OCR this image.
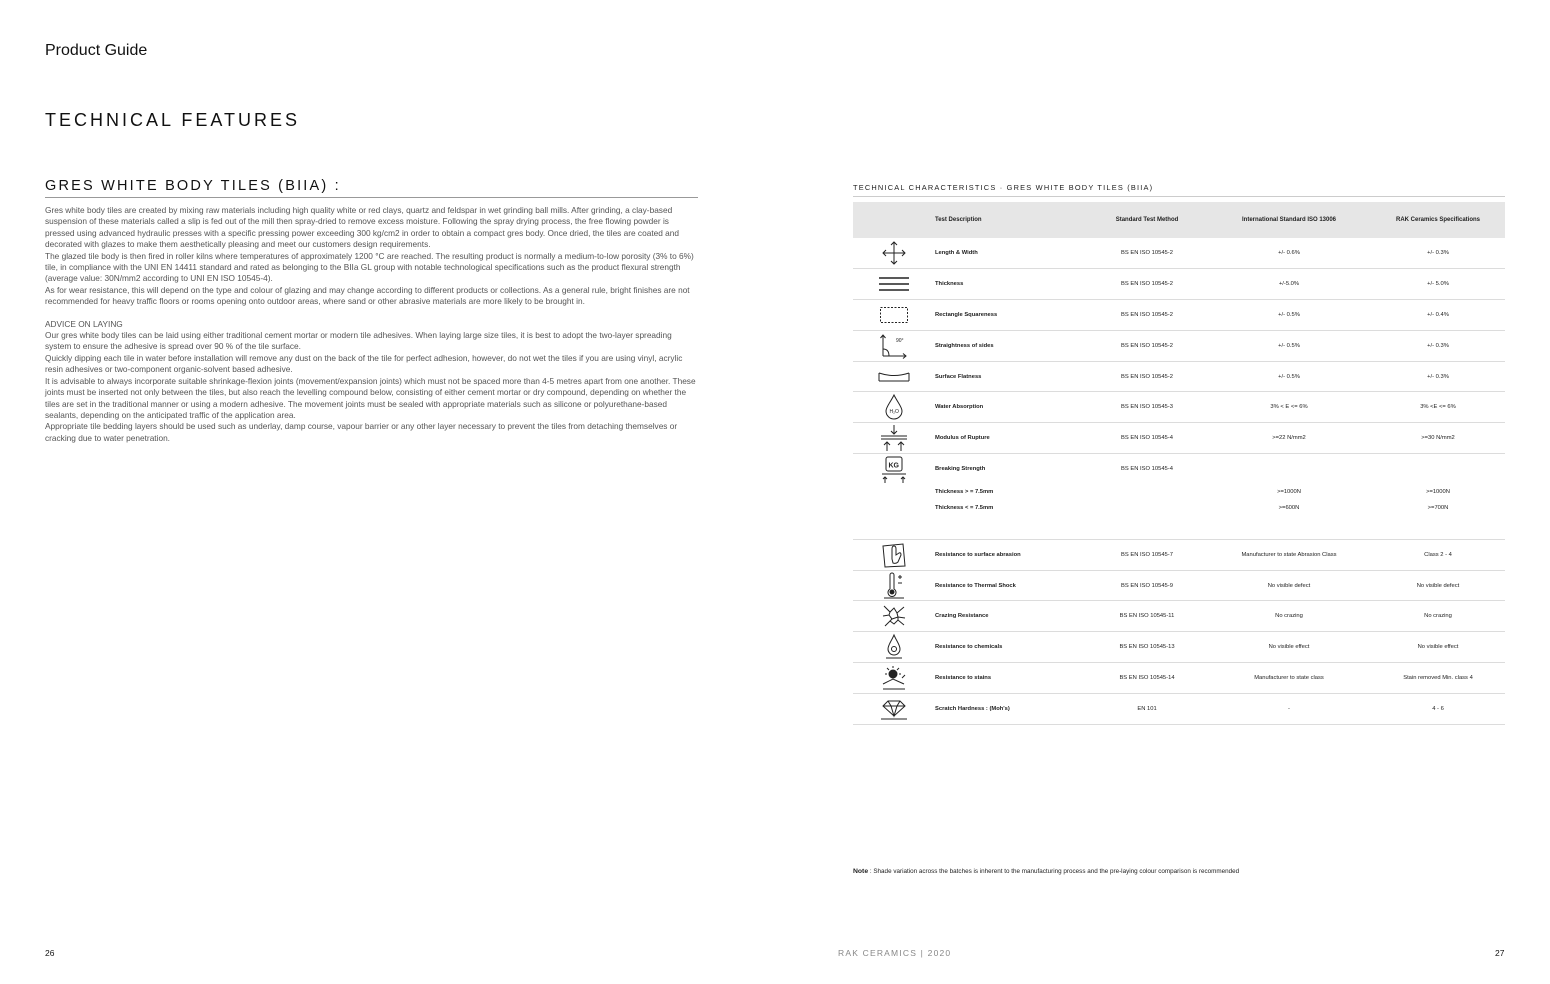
Product Guide
TECHNICAL FEATURES
GRES WHITE BODY TILES (BIIA) :

Gres white body tiles are created by mixing raw materials including high quality white or red clays, quartz and feldspar in wet grinding ball mills. After grinding, a clay-based suspension of these materials called a slip is fed out of the mill then spray-dried to remove excess moisture. Following the spray drying process, the free flowing powder is pressed using advanced hydraulic presses with a specific pressing power exceeding 300 kg/cm2 in order to obtain a compact gres body. Once dried, the tiles are coated and decorated with glazes to make them aesthetically pleasing and meet our customers design requirements.

The glazed tile body is then fired in roller kilns where temperatures of approximately 1200 °C are reached. The resulting product is normally a medium-to-low porosity (3% to 6%) tile, in compliance with the UNI EN 14411 standard and rated as belonging to the BIIa GL group with notable technological specifications such as the product flexural strength (average value: 30N/mm2 according to UNI EN ISO 10545-4).

As for wear resistance, this will depend on the type and colour of glazing and may change according to different products or collections. As a general rule, bright finishes are not recommended for heavy traffic floors or rooms opening onto outdoor areas, where sand or other abrasive materials are more likely to be brought in.

ADVICE ON LAYING

Our gres white body tiles can be laid using either traditional cement mortar or modern tile adhesives. When laying large size tiles, it is best to adopt the two-layer spreading system to ensure the adhesive is spread over 90 % of the tile surface.

Quickly dipping each tile in water before installation will remove any dust on the back of the tile for perfect adhesion, however, do not wet the tiles if you are using vinyl, acrylic resin adhesives or two-component organic-solvent based adhesive.

It is advisable to always incorporate suitable shrinkage-flexion joints (movement/expansion joints) which must not be spaced more than 4-5 metres apart from one another. These joints must be inserted not only between the tiles, but also reach the levelling compound below, consisting of either cement mortar or dry compound, depending on whether the tiles are set in the traditional manner or using a modern adhesive. The movement joints must be sealed with appropriate materials such as silicone or polyurethane-based sealants, depending on the anticipated traffic of the application area.

Appropriate tile bedding layers should be used such as underlay, damp course, vapour barrier or any other layer necessary to prevent the tiles from detaching themselves or cracking due to water penetration.

TECHNICAL CHARACTERISTICS · GRES WHITE BODY TILES (BIIA)
	Test Description	Standard Test Method	International Standard ISO 13006	RAK Ceramics Specifications

	Length & Width	BS EN ISO 10545-2	+/- 0.6%	+/- 0.3%

	Thickness	BS EN ISO 10545-2	+/-5.0%	+/- 5.0%

	Rectangle Squareness	BS EN ISO 10545-2	+/- 0.5%	+/- 0.4%

90°	Straightness of sides	BS EN ISO 10545-2	+/- 0.5%	+/- 0.3%

	Surface Flatness	BS EN ISO 10545-2	+/- 0.5%	+/- 0.3%

H₂O	Water Absorption	BS EN ISO 10545-3	3% < E <= 6%	3% <E <= 6%

	Modulus of Rupture	BS EN ISO 10545-4	>=22 N/mm2	>=30 N/mm2

KG	Breaking Strength	BS EN ISO 10545-4		
	Thickness > = 7.5mm		>=1000N	>=1000N
	Thickness < = 7.5mm		>=600N	>=700N

	Resistance to surface abrasion	BS EN ISO 10545-7	Manufacturer to state Abrasion Class	Class 2 - 4

	Resistance to Thermal Shock	BS EN ISO 10545-9	No visible defect	No visible defect

	Crazing Resistance	BS EN ISO 10545-11	No crazing	No crazing

	Resistance to chemicals	BS EN ISO 10545-13	No visible effect	No visible effect

	Resistance to stains	BS EN ISO 10545-14	Manufacturer to state class	Stain removed Min. class 4

	Scratch Hardness : (Moh's)	EN 101	-	4 - 6
Note : Shade variation across the batches is inherent to the manufacturing process and the pre-laying colour comparison is recommended
26	RAK CERAMICS | 2020	27
